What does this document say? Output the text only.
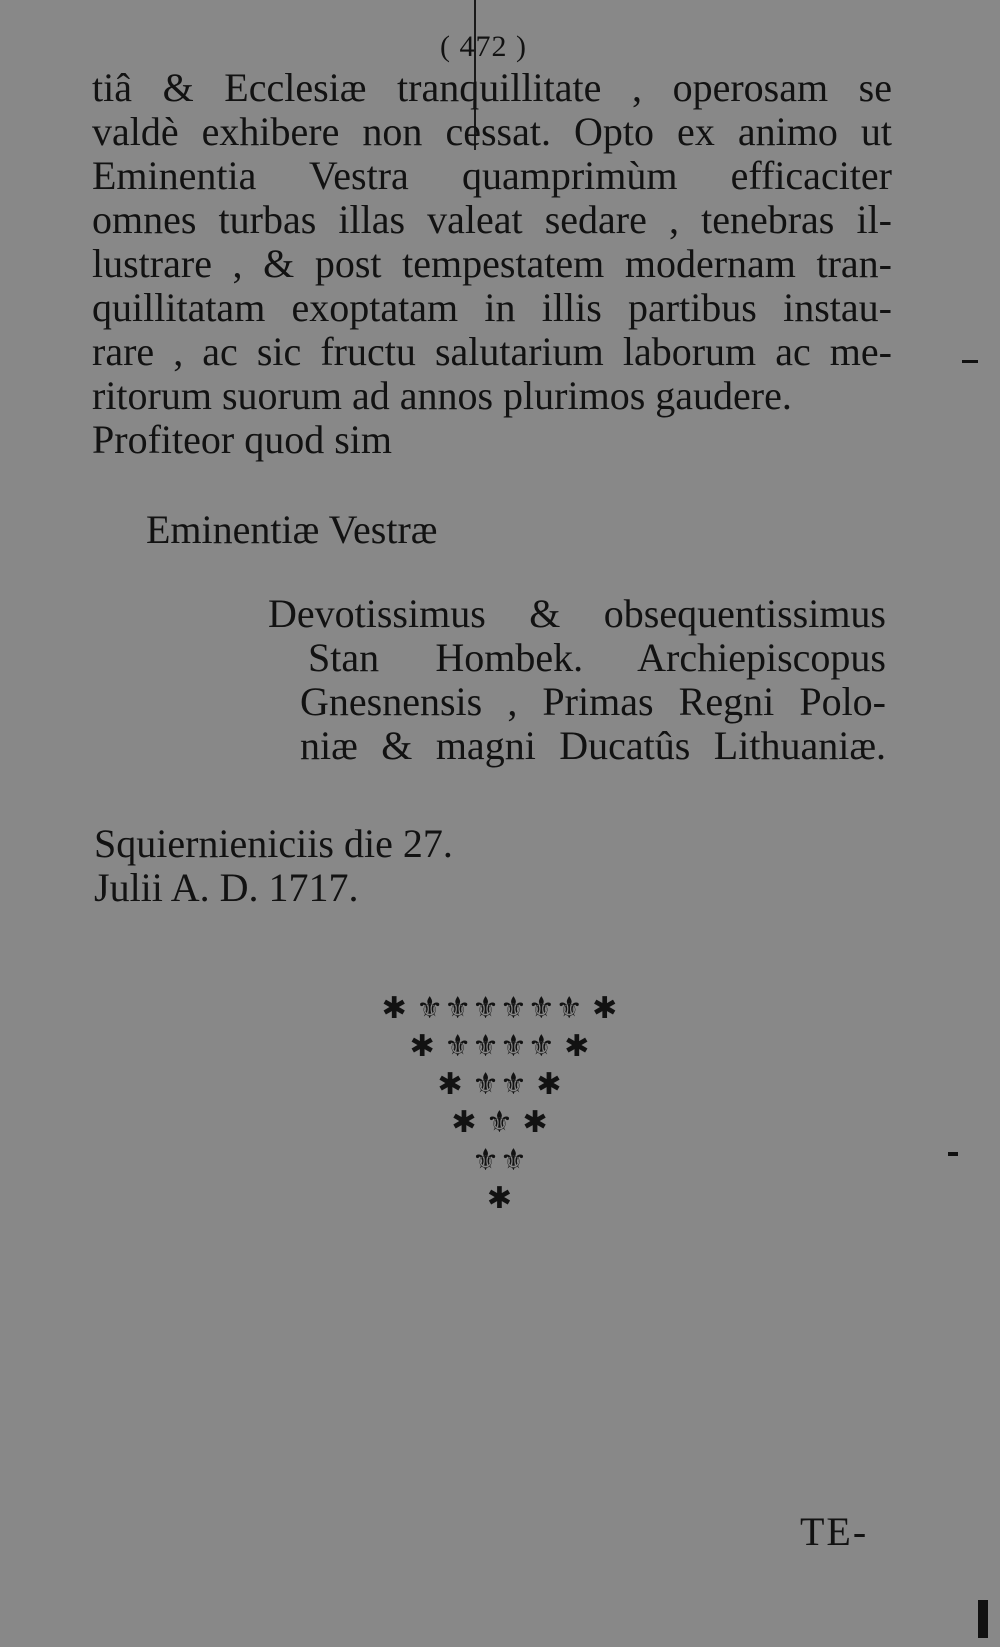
( 472 )
tiâ & Ecclesiæ tranquillitate , operosam se
valdè exhibere non cessat. Opto ex animo ut
Eminentia Vestra quamprimùm efficaciter
omnes turbas illas valeat sedare , tenebras il-
lustrare , & post tempestatem modernam tran-
quillitatam exoptatam in illis partibus instau-
rare , ac sic fructu salutarium laborum ac me-
ritorum suorum ad annos plurimos gaudere.
Profiteor quod sim
Eminentiæ Vestræ
Devotissimus & obsequentissimus
Stan Hombek. Archiepiscopus
Gnesnensis , Primas Regni Polo-
niæ & magni Ducatûs Lithuaniæ.
Squiernieniciis die 27.
Julii A. D. 1717.
✱ ⚜⚜⚜⚜⚜⚜ ✱
✱ ⚜⚜⚜⚜ ✱
✱ ⚜⚜ ✱
✱ ⚜ ✱
⚜⚜
✱
TE-
